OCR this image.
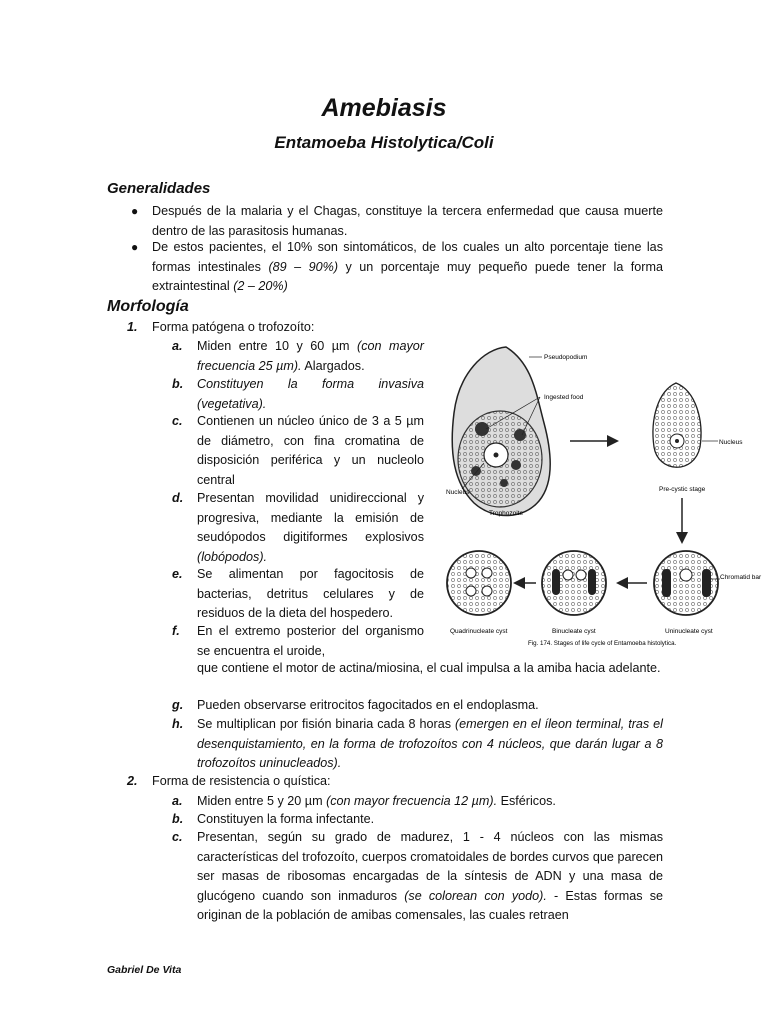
Amebiasis
Entamoeba Histolytica/Coli
Generalidades
● Después de la malaria y el Chagas, constituye la tercera enfermedad que causa muerte dentro de las parasitosis humanas.
● De estos pacientes, el 10% son sintomáticos, de los cuales un alto porcentaje tiene las formas intestinales (89 – 90%) y un porcentaje muy pequeño puede tener la forma extraintestinal (2 – 20%)
Morfología
1. Forma patógena o trofozoíto:
a. Miden entre 10 y 60 µm (con mayor frecuencia 25 µm). Alargados.
b. Constituyen la forma invasiva (vegetativa).
c. Contienen un núcleo único de 3 a 5 µm de diámetro, con fina cromatina de disposición periférica y un nucleolo central
d. Presentan movilidad unidireccional y progresiva, mediante la emisión de seudópodos digitiformes explosivos (lobópodos).
e. Se alimentan por fagocitosis de bacterias, detritus celulares y de residuos de la dieta del hospedero.
f. En el extremo posterior del organismo se encuentra el uroide,
que contiene el motor de actina/miosina, el cual impulsa a la amiba hacia adelante.
g. Pueden observarse eritrocitos fagocitados en el endoplasma.
h. Se multiplican por fisión binaria cada 8 horas (emergen en el íleon terminal, tras el desenquistamiento, en la forma de trofozoítos con 4 núcleos, que darán lugar a 8 trofozoítos uninucleados).
2. Forma de resistencia o quística:
a. Miden entre 5 y 20 µm (con mayor frecuencia 12 µm). Esféricos.
b. Constituyen la forma infectante.
c. Presentan, según su grado de madurez, 1 - 4 núcleos con las mismas características del trofozoíto, cuerpos cromatoidales de bordes curvos que parecen ser masas de ribosomas encargadas de la síntesis de ADN y una masa de glucógeno cuando son inmaduros (se colorean con yodo). - Estas formas se originan de la población de amibas comensales, las cuales retraen
Pseudopodium
Ingested food
Nucleus
Trophozoite
Nucleus
Pre-cystic stage
Chromatid bar
Uninucleate cyst
Binucleate cyst
Quadrinucleate cyst
Fig. 174. Stages of life cycle of Entamoeba histolytica.
Gabriel De Vita
